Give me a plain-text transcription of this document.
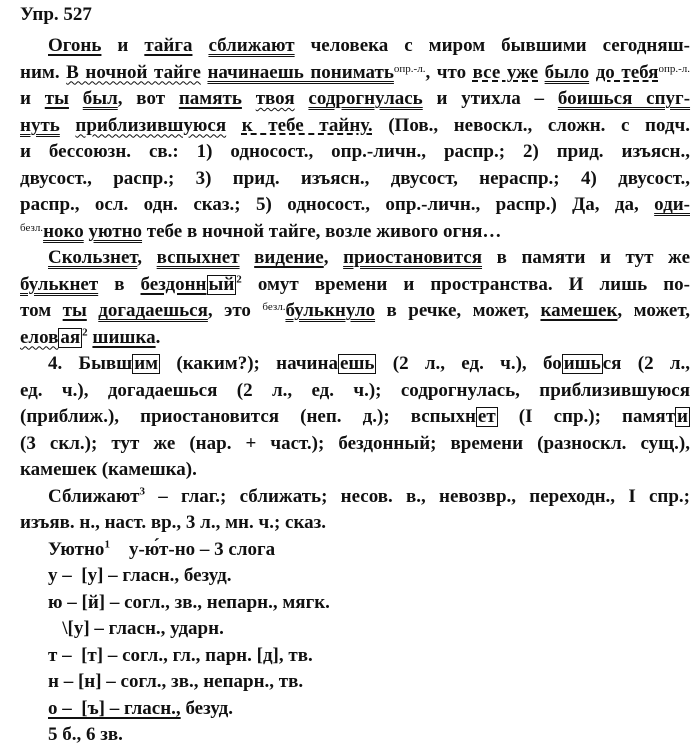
Упр. 527
Огонь и тайга сближают человека с миром бывшими сегодняш-
ним. В ночной тайге начинаешь понимать$^{опр.-л.}$, что все уже было до тебя$^{опр.-л.}$
и ты был, вот память твоя содрогнулась и утихла – боишься спуг-
нуть приблизившуюся к тебе тайну. (Пов., невоскл., сложн. с подч.
и бессоюзн. св.: 1) односост., опр.-личн., распр.; 2) прид. изъясн.,
двусост., распр.; 3) прид. изъясн., двусост, нераспр.; 4) двусост.,
распр., осл. одн. сказ.; 5) односост., опр.-личн., распр.) Да, да, оди-
$^{безл.}$ноко уютно тебе в ночной тайге, возле живого огня…
Скользнет, вспыхнет видение, приостановится в памяти и тут же
булькнет в бездонн ый $^2$ омут времени и пространства. И лишь по-
том ты догадаешься, это $^{безл.}$булькнуло в речке, может, камешек, может,
елов ая $^2$ шишка.
4. Бывш им (каким?); начина ешь (2 л., ед. ч.), бо ишь ся (2 л.,
ед. ч.), догадаешься (2 л., ед. ч.); содрогнулась, приблизившуюся
(приближ.), приостановится (неп. д.); вспыхн ет (I спр.); памят и
(3 скл.); тут же (нар. + част.); бездонный; времени (разноскл. сущ.),
камешек (камешка).
Сближают$^3$ – глаг.; сближать; несов. в., невозвр., переходн., I спр.;
изъяв. н., наст. вр., 3 л., мн. ч.; сказ.
Уютно$^1$    у-ю́т-но – 3 слога
у –  [у] – гласн., безуд.
ю – [й] – согл., зв., непарн., мягк.
\[у] – гласн., ударн.
т –  [т] – согл., гл., парн. [д], тв.
н – [н] – согл., зв., непарн., тв.
о –  [ъ] – гласн., безуд.
5 б., 6 зв.
